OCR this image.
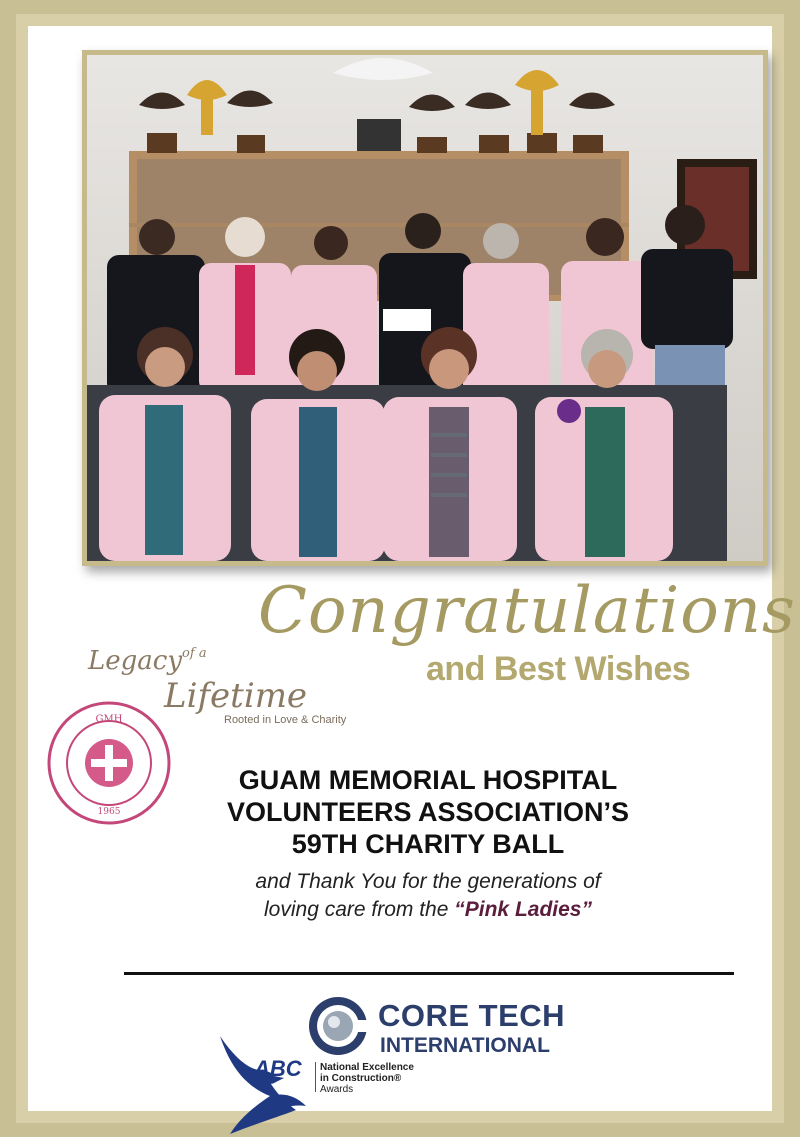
Congratulations
and Best Wishes
Legacy$^{of a}$
Lifetime
Rooted in Love & Charity
GMH
1965
GUAM MEMORIAL HOSPITAL
VOLUNTEERS ASSOCIATION’S
59TH CHARITY BALL
and Thank You for the generations of
loving care from the “Pink Ladies”
CORE TECH
INTERNATIONAL
ABC National Excellence
in Construction®
Awards
